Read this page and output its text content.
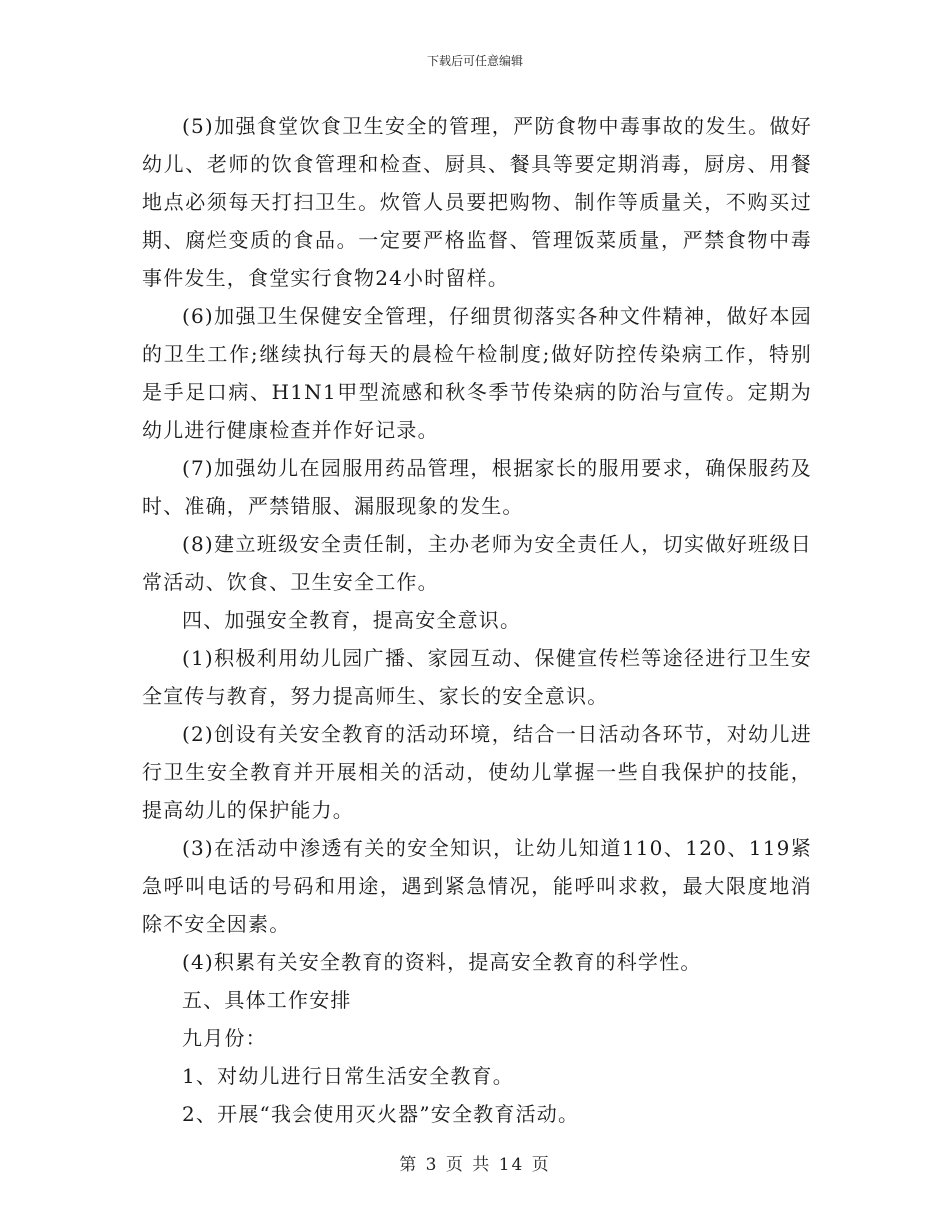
下载后可任意编辑

(5)加强食堂饮食卫生安全的管理，严防食物中毒事故的发生。做好幼儿、老师的饮食管理和检查、厨具、餐具等要定期消毒，厨房、用餐地点必须每天打扫卫生。炊管人员要把购物、制作等质量关，不购买过期、腐烂变质的食品。一定要严格监督、管理饭菜质量，严禁食物中毒事件发生，食堂实行食物24小时留样。

(6)加强卫生保健安全管理，仔细贯彻落实各种文件精神，做好本园的卫生工作;继续执行每天的晨检午检制度;做好防控传染病工作，特别是手足口病、H1N1甲型流感和秋冬季节传染病的防治与宣传。定期为幼儿进行健康检查并作好记录。

(7)加强幼儿在园服用药品管理，根据家长的服用要求，确保服药及时、准确，严禁错服、漏服现象的发生。

(8)建立班级安全责任制，主办老师为安全责任人，切实做好班级日常活动、饮食、卫生安全工作。

四、加强安全教育，提高安全意识。

(1)积极利用幼儿园广播、家园互动、保健宣传栏等途径进行卫生安全宣传与教育，努力提高师生、家长的安全意识。

(2)创设有关安全教育的活动环境，结合一日活动各环节，对幼儿进行卫生安全教育并开展相关的活动，使幼儿掌握一些自我保护的技能，提高幼儿的保护能力。

(3)在活动中渗透有关的安全知识，让幼儿知道110、120、119紧急呼叫电话的号码和用途，遇到紧急情况，能呼叫求救，最大限度地消除不安全因素。

(4)积累有关安全教育的资料，提高安全教育的科学性。

五、具体工作安排

九月份：

1、对幼儿进行日常生活安全教育。

2、开展“我会使用灭火器”安全教育活动。

第 3 页 共 14 页
